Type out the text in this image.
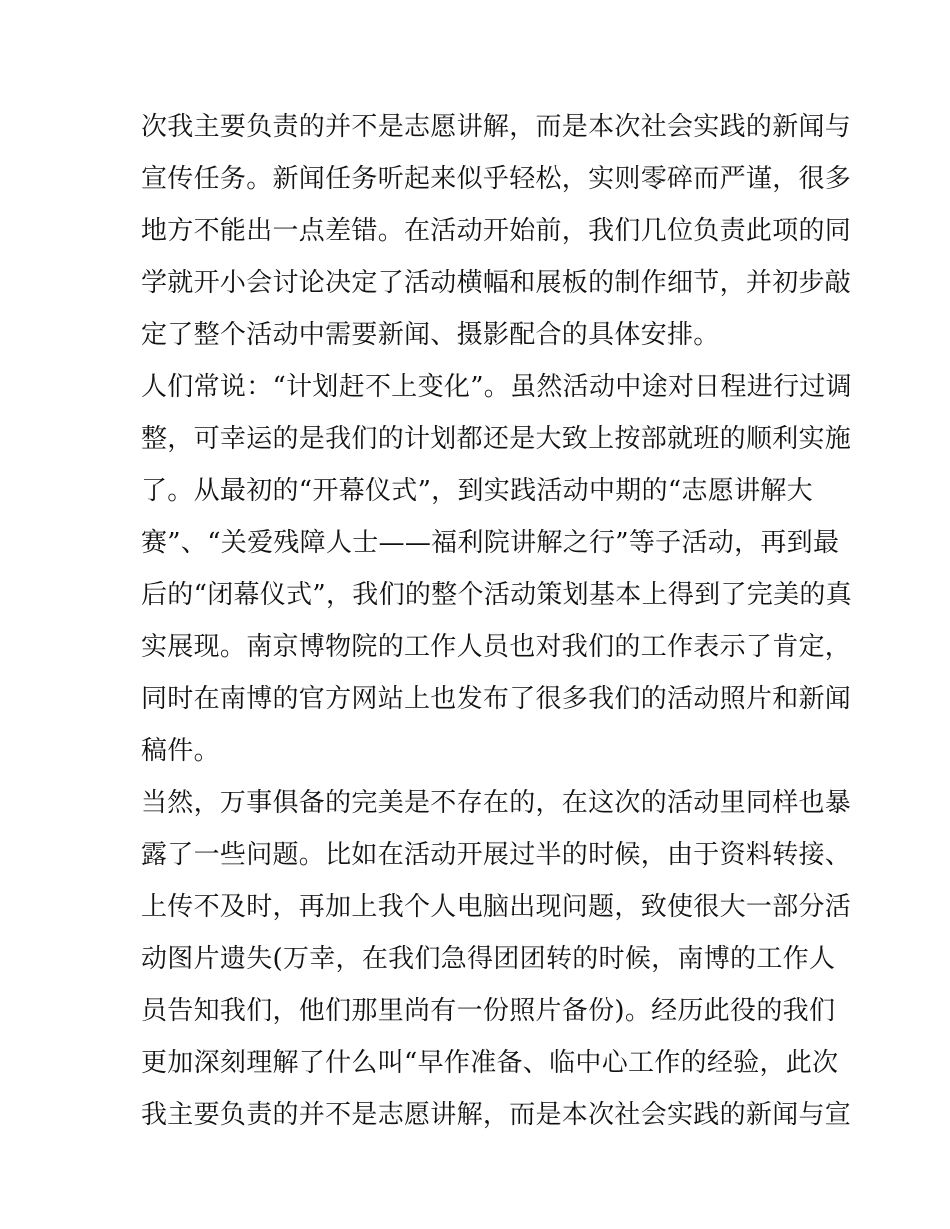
次我主要负责的并不是志愿讲解，而是本次社会实践的新闻与
宣传任务。新闻任务听起来似乎轻松，实则零碎而严谨，很多
地方不能出一点差错。在活动开始前，我们几位负责此项的同
学就开小会讨论决定了活动横幅和展板的制作细节，并初步敲
定了整个活动中需要新闻、摄影配合的具体安排。
人们常说：“计划赶不上变化”。虽然活动中途对日程进行过调
整，可幸运的是我们的计划都还是大致上按部就班的顺利实施
了。从最初的“开幕仪式”，到实践活动中期的“志愿讲解大
赛”、“关爱残障人士——福利院讲解之行”等子活动，再到最
后的“闭幕仪式”，我们的整个活动策划基本上得到了完美的真
实展现。南京博物院的工作人员也对我们的工作表示了肯定，
同时在南博的官方网站上也发布了很多我们的活动照片和新闻
稿件。
当然，万事俱备的完美是不存在的，在这次的活动里同样也暴
露了一些问题。比如在活动开展过半的时候，由于资料转接、
上传不及时，再加上我个人电脑出现问题，致使很大一部分活
动图片遗失(万幸，在我们急得团团转的时候，南博的工作人
员告知我们，他们那里尚有一份照片备份)。经历此役的我们
更加深刻理解了什么叫“早作准备、临中心工作的经验，此次
我主要负责的并不是志愿讲解，而是本次社会实践的新闻与宣
